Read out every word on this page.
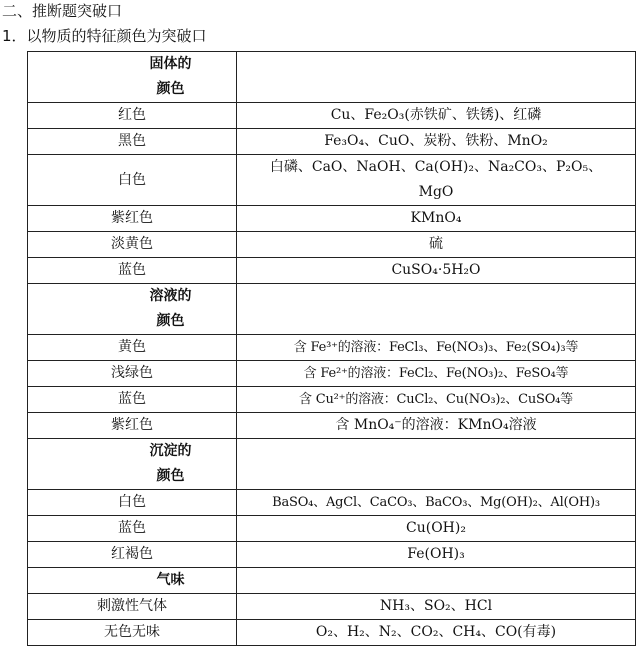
二、推断题突破口
1．以物质的特征颜色为突破口
固体的
颜色	

红色	Cu、Fe₂O₃(赤铁矿、铁锈)、红磷
黑色	Fe₃O₄、CuO、炭粉、铁粉、MnO₂
白色	白磷、CaO、NaOH、Ca(OH)₂、Na₂CO₃、P₂O₅、
MgO

紫红色	KMnO₄
淡黄色	硫
蓝色	CuSO₄·5H₂O

溶液的
颜色	

黄色	含 Fe³⁺的溶液：FeCl₃、Fe(NO₃)₃、Fe₂(SO₄)₃等
浅绿色	含 Fe²⁺的溶液：FeCl₂、Fe(NO₃)₂、FeSO₄等
蓝色	含 Cu²⁺的溶液：CuCl₂、Cu(NO₃)₂、CuSO₄等
紫红色	含 MnO₄⁻的溶液：KMnO₄溶液

沉淀的
颜色	

白色	BaSO₄、AgCl、CaCO₃、BaCO₃、Mg(OH)₂、Al(OH)₃
蓝色	Cu(OH)₂
红褐色	Fe(OH)₃

气味	

刺激性气体	NH₃、SO₂、HCl
无色无味	O₂、H₂、N₂、CO₂、CH₄、CO(有毒)
